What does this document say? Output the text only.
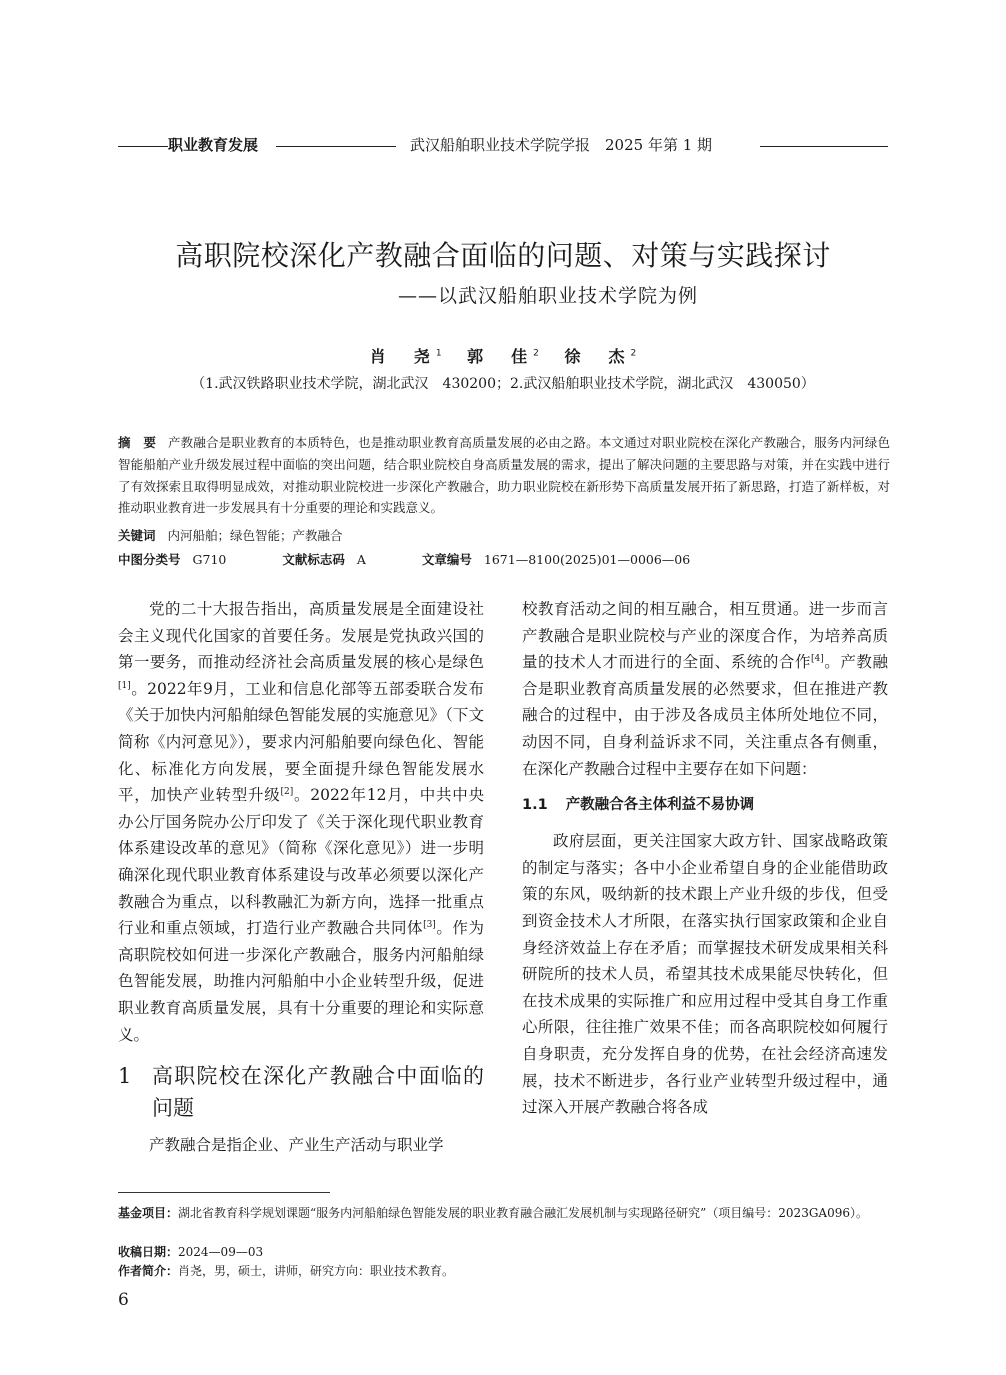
职业教育发展	武汉船舶职业技术学院学报　2025 年第 1 期
高职院校深化产教融合面临的问题、对策与实践探讨
——以武汉船舶职业技术学院为例
肖　尧$^1$ 郭　佳$^2$ 徐　杰$^2$
（1.武汉铁路职业技术学院，湖北武汉　430200；2.武汉船舶职业技术学院，湖北武汉　430050）
摘　要 产教融合是职业教育的本质特色，也是推动职业教育高质量发展的必由之路。本文通过对职业院校在深化产教融合，服务内河绿色智能船舶产业升级发展过程中面临的突出问题，结合职业院校自身高质量发展的需求，提出了解决问题的主要思路与对策，并在实践中进行了有效探索且取得明显成效，对推动职业院校进一步深化产教融合，助力职业院校在新形势下高质量发展开拓了新思路，打造了新样板，对推动职业教育进一步发展具有十分重要的理论和实践意义。
关键词 内河船舶；绿色智能；产教融合
中图分类号 G710	文献标志码 A	文章编号 1671—8100(2025)01—0006—06

党的二十大报告指出，高质量发展是全面建设社会主义现代化国家的首要任务。发展是党执政兴国的第一要务，而推动经济社会高质量发展的核心是绿色[1]。2022年9月，工业和信息化部等五部委联合发布《关于加快内河船舶绿色智能发展的实施意见》（下文简称《内河意见》），要求内河船舶要向绿色化、智能化、标准化方向发展，要全面提升绿色智能发展水平，加快产业转型升级[2]。2022年12月，中共中央办公厅国务院办公厅印发了《关于深化现代职业教育体系建设改革的意见》（简称《深化意见》）进一步明确深化现代职业教育体系建设与改革必须要以深化产教融合为重点，以科教融汇为新方向，选择一批重点行业和重点领域，打造行业产教融合共同体[3]。作为高职院校如何进一步深化产教融合，服务内河船舶绿色智能发展，助推内河船舶中小企业转型升级，促进职业教育高质量发展，具有十分重要的理论和实际意义。

1 高职院校在深化产教融合中面临的问题

产教融合是指企业、产业生产活动与职业学

校教育活动之间的相互融合，相互贯通。进一步而言产教融合是职业院校与产业的深度合作，为培养高质量的技术人才而进行的全面、系统的合作[4]。产教融合是职业教育高质量发展的必然要求，但在推进产教融合的过程中，由于涉及各成员主体所处地位不同，动因不同，自身利益诉求不同，关注重点各有侧重，在深化产教融合过程中主要存在如下问题：

1.1 产教融合各主体利益不易协调

政府层面，更关注国家大政方针、国家战略政策的制定与落实；各中小企业希望自身的企业能借助政策的东风，吸纳新的技术跟上产业升级的步伐，但受到资金技术人才所限，在落实执行国家政策和企业自身经济效益上存在矛盾；而掌握技术研发成果相关科研院所的技术人员，希望其技术成果能尽快转化，但在技术成果的实际推广和应用过程中受其自身工作重心所限，往往推广效果不佳；而各高职院校如何履行自身职责，充分发挥自身的优势，在社会经济高速发展，技术不断进步，各行业产业转型升级过程中，通过深入开展产教融合将各成

基金项目：湖北省教育科学规划课题“服务内河船舶绿色智能发展的职业教育融合融汇发展机制与实现路径研究”（项目编号：2023GA096）。
收稿日期：2024—09—03
作者简介：肖尧，男，硕士，讲师，研究方向：职业技术教育。
6
